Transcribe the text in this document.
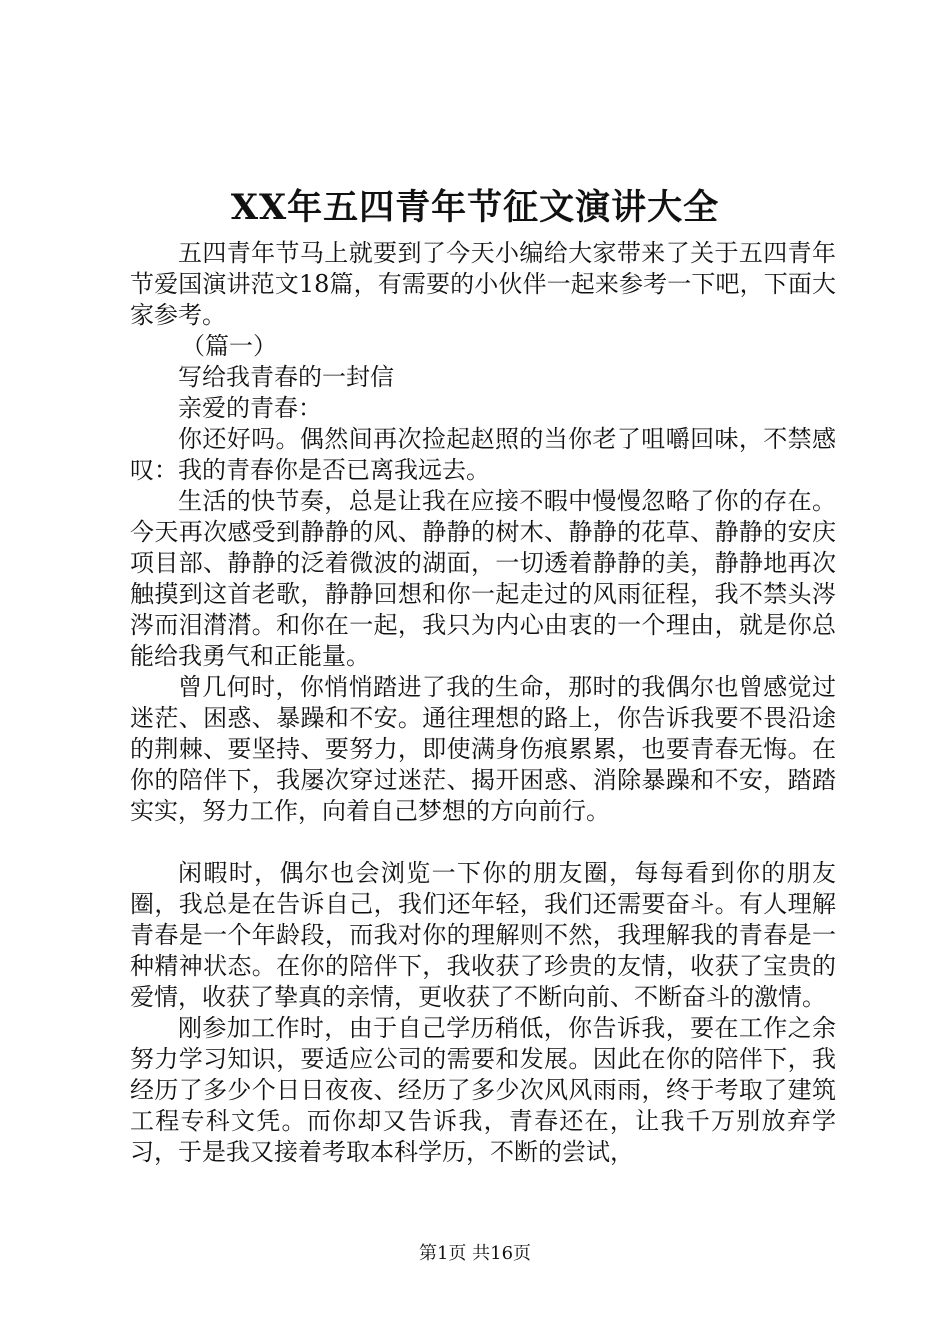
XX年五四青年节征文演讲大全

五四青年节马上就要到了今天小编给大家带来了关于五四青年节爱国演讲范文18篇，有需要的小伙伴一起来参考一下吧，下面大家参考。

（篇一）

写给我青春的一封信

亲爱的青春：

你还好吗。偶然间再次捡起赵照的当你老了咀嚼回味，不禁感叹：我的青春你是否已离我远去。

生活的快节奏，总是让我在应接不暇中慢慢忽略了你的存在。今天再次感受到静静的风、静静的树木、静静的花草、静静的安庆项目部、静静的泛着微波的湖面，一切透着静静的美，静静地再次触摸到这首老歌，静静回想和你一起走过的风雨征程，我不禁头涔涔而泪潸潸。和你在一起，我只为内心由衷的一个理由，就是你总能给我勇气和正能量。

曾几何时，你悄悄踏进了我的生命，那时的我偶尔也曾感觉过迷茫、困惑、暴躁和不安。通往理想的路上，你告诉我要不畏沿途的荆棘、要坚持、要努力，即使满身伤痕累累，也要青春无悔。在你的陪伴下，我屡次穿过迷茫、揭开困惑、消除暴躁和不安，踏踏实实，努力工作，向着自己梦想的方向前行。

闲暇时，偶尔也会浏览一下你的朋友圈，每每看到你的朋友圈，我总是在告诉自己，我们还年轻，我们还需要奋斗。有人理解青春是一个年龄段，而我对你的理解则不然，我理解我的青春是一种精神状态。在你的陪伴下，我收获了珍贵的友情，收获了宝贵的爱情，收获了挚真的亲情，更收获了不断向前、不断奋斗的激情。

刚参加工作时，由于自己学历稍低，你告诉我，要在工作之余努力学习知识，要适应公司的需要和发展。因此在你的陪伴下，我经历了多少个日日夜夜、经历了多少次风风雨雨，终于考取了建筑工程专科文凭。而你却又告诉我，青春还在，让我千万别放弃学习，于是我又接着考取本科学历，不断的尝试，

第1页 共16页
